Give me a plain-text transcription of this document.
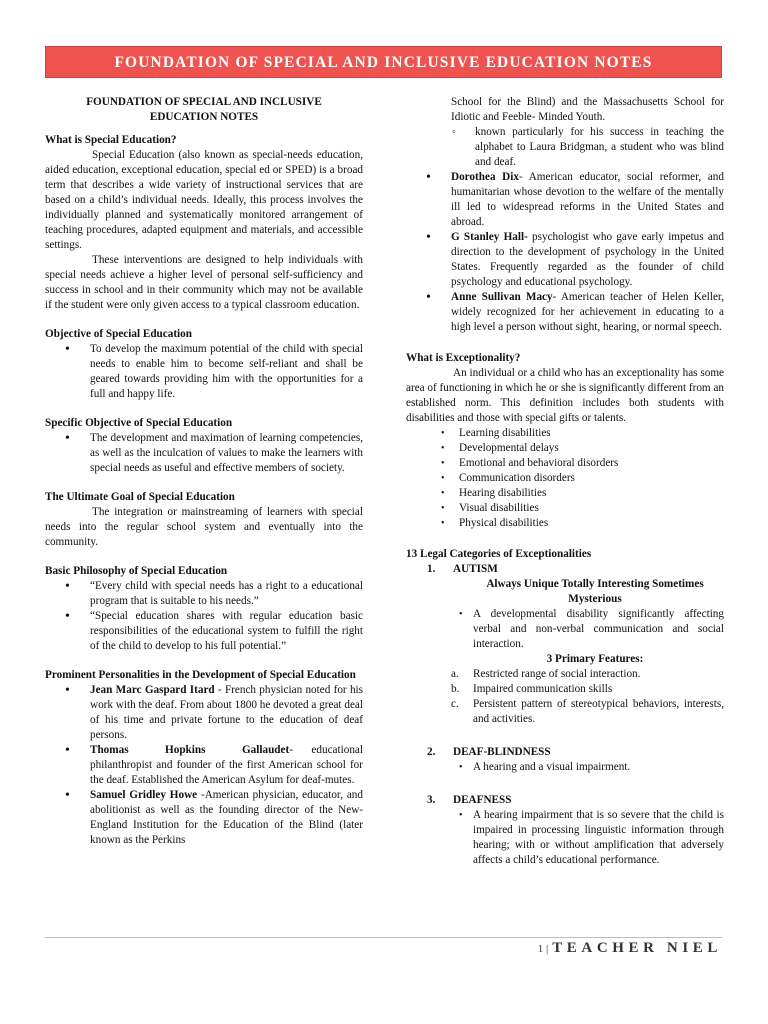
FOUNDATION OF SPECIAL AND INCLUSIVE EDUCATION NOTES
FOUNDATION OF SPECIAL AND INCLUSIVE
EDUCATION NOTES
What is Special Education?

Special Education (also known as special-needs education, aided education, exceptional education, special ed or SPED) is a broad term that describes a wide variety of instructional services that are based on a child’s individual needs. Ideally, this process involves the individually planned and systematically monitored arrangement of teaching procedures, adapted equipment and materials, and accessible settings.

These interventions are designed to help individuals with special needs achieve a higher level of personal self-sufficiency and success in school and in their community which may not be available if the student were only given access to a typical classroom education.

Objective of Special Education
• To develop the maximum potential of the child with special needs to enable him to become self-reliant and shall be geared towards providing him with the opportunities for a full and happy life.
Specific Objective of Special Education
• The development and maximation of learning competencies, as well as the inculcation of values to make the learners with special needs as useful and effective members of society.
The Ultimate Goal of Special Education

The integration or mainstreaming of learners with special needs into the regular school system and eventually into the community.

Basic Philosophy of Special Education
• “Every child with special needs has a right to a educational program that is suitable to his needs.”
• “Special education shares with regular education basic responsibilities of the educational system to fulfill the right of the child to develop to his full potential.”
Prominent Personalities in the Development of Special Education
• Jean Marc Gaspard Itard - French physician noted for his work with the deaf. From about 1800 he devoted a great deal of his time and private fortune to the education of deaf persons.
• Thomas Hopkins Gallaudet- educational philanthropist and founder of the first American school for the deaf. Established the American Asylum for deaf-mutes.
• Samuel Gridley Howe -American physician, educator, and abolitionist as well as the founding director of the New-England Institution for the Education of the Blind (later known as the Perkins

School for the Blind) and the Massachusetts School for Idiotic and Feeble- Minded Youth.

◦ known particularly for his success in teaching the alphabet to Laura Bridgman, a student who was blind and deaf.
• Dorothea Dix- American educator, social reformer, and humanitarian whose devotion to the welfare of the mentally ill led to widespread reforms in the United States and abroad.
• G Stanley Hall- psychologist who gave early impetus and direction to the development of psychology in the United States. Frequently regarded as the founder of child psychology and educational psychology.
• Anne Sullivan Macy- American teacher of Helen Keller, widely recognized for her achievement in educating to a high level a person without sight, hearing, or normal speech.
What is Exceptionality?

An individual or a child who has an exceptionality has some area of functioning in which he or she is significantly different from an established norm. This definition includes both students with disabilities and those with special gifts or talents.

• Learning disabilities
• Developmental delays
• Emotional and behavioral disorders
• Communication disorders
• Hearing disabilities
• Visual disabilities
• Physical disabilities
13 Legal Categories of Exceptionalities
1. AUTISM
Always Unique Totally Interesting Sometimes
Mysterious
• A developmental disability significantly affecting verbal and non-verbal communication and social interaction.
3 Primary Features:
a. Restricted range of social interaction.
b. Impaired communication skills
c. Persistent pattern of stereotypical behaviors, interests, and activities.
2. DEAF-BLINDNESS
• A hearing and a visual impairment.
3. DEAFNESS
• A hearing impairment that is so severe that the child is impaired in processing linguistic information through hearing; with or without amplification that adversely affects a child’s educational performance.
1 | TEACHER NIEL
